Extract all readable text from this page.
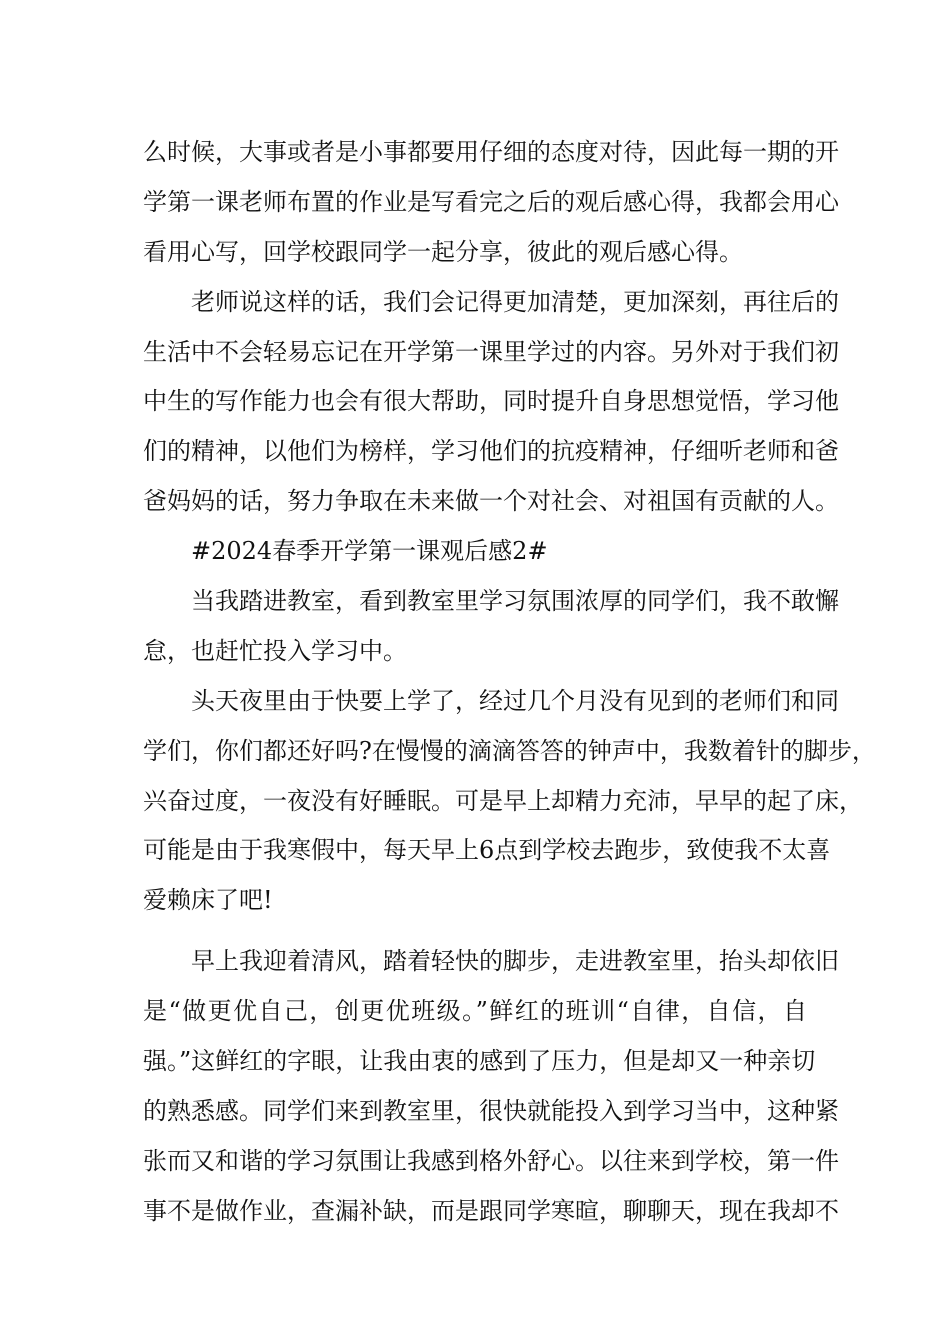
么时候，大事或者是小事都要用仔细的态度对待，因此每一期的开
学第一课老师布置的作业是写看完之后的观后感心得，我都会用心
看用心写，回学校跟同学一起分享，彼此的观后感心得。
老师说这样的话，我们会记得更加清楚，更加深刻，再往后的
生活中不会轻易忘记在开学第一课里学过的内容。另外对于我们初
中生的写作能力也会有很大帮助，同时提升自身思想觉悟，学习他
们的精神，以他们为榜样，学习他们的抗疫精神，仔细听老师和爸
爸妈妈的话，努力争取在未来做一个对社会、对祖国有贡献的人。
#2024春季开学第一课观后感2#
当我踏进教室，看到教室里学习氛围浓厚的同学们，我不敢懈
怠，也赶忙投入学习中。
头天夜里由于快要上学了，经过几个月没有见到的老师们和同
学们，你们都还好吗?在慢慢的滴滴答答的钟声中，我数着针的脚步，
兴奋过度，一夜没有好睡眠。可是早上却精力充沛，早早的起了床，
可能是由于我寒假中，每天早上6点到学校去跑步，致使我不太喜
爱赖床了吧!
早上我迎着清风，踏着轻快的脚步，走进教室里，抬头却依旧
是“做更优自己，创更优班级。”鲜红的班训“自律，自信，自
强。”这鲜红的字眼，让我由衷的感到了压力，但是却又一种亲切
的熟悉感。同学们来到教室里，很快就能投入到学习当中，这种紧
张而又和谐的学习氛围让我感到格外舒心。以往来到学校，第一件
事不是做作业，查漏补缺，而是跟同学寒暄，聊聊天，现在我却不
